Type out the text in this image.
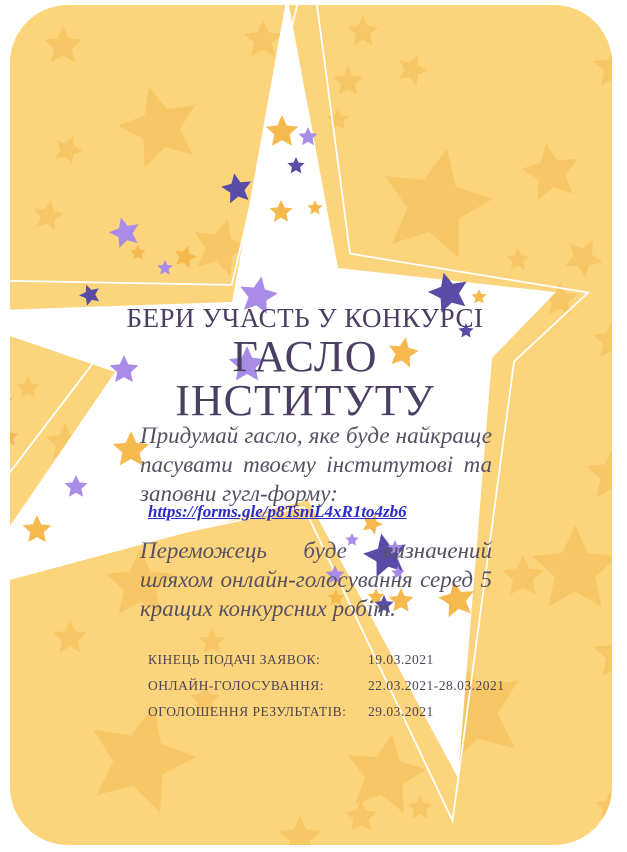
БЕРИ УЧАСТЬ У КОНКУРСІ
ГАСЛО
ІНСТИТУТУ
Придумай гасло, яке буде найкраще
пасувати твоєму інститутові та
заповни гугл-форму:
https://forms.gle/p8TsniL4xR1to4zb6
Переможець буде визначений
шляхом онлайн-голосування серед 5
кращих конкурсних робіт.
КІНЕЦЬ ПОДАЧІ ЗАЯВОК:	19.03.2021
ОНЛАЙН-ГОЛОСУВАННЯ:	22.03.2021-28.03.2021
ОГОЛОШЕННЯ РЕЗУЛЬТАТІВ:	29.03.2021
